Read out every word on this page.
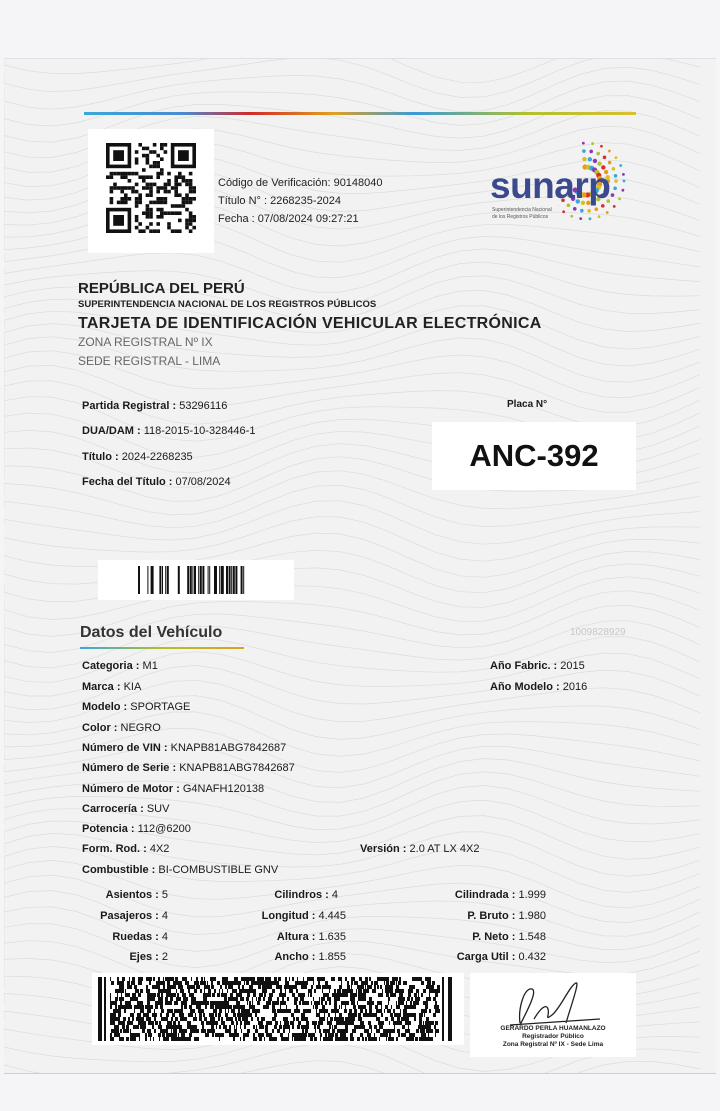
Código de Verificación: 90148040
Título N° : 2268235-2024
Fecha : 07/08/2024 09:27:21
sunarp
Superintendencia Nacional
de los Registros Públicos
REPÚBLICA DEL PERÚ
SUPERINTENDENCIA NACIONAL DE LOS REGISTROS PÚBLICOS
TARJETA DE IDENTIFICACIÓN VEHICULAR ELECTRÓNICA
ZONA REGISTRAL Nº IX
SEDE REGISTRAL - LIMA
Partida Registral : 53296116
DUA/DAM : 118-2015-10-328446-1
Título : 2024-2268235
Fecha del Título : 07/08/2024
Placa N°
ANC-392
Datos del Vehículo	1009828929
Categoria : M1
Marca : KIA
Modelo : SPORTAGE
Color : NEGRO
Número de VIN : KNAPB81ABG7842687
Número de Serie : KNAPB81ABG7842687
Número de Motor : G4NAFH120138
Carrocería : SUV
Potencia : 112@6200
Form. Rod. : 4X2
Combustible : BI-COMBUSTIBLE GNV
Año Fabric. : 2015
Año Modelo : 2016
Versión : 2.0 AT LX 4X2
Asientos : 5
Pasajeros : 4
Ruedas : 4
Ejes : 2
Cilindros : 4
Longitud : 4.445
Altura : 1.635
Ancho : 1.855
Cilindrada : 1.999
P. Bruto : 1.980
P. Neto : 1.548
Carga Util : 0.432
GERARDO PERLA HUAMANLAZO
Registrador Público
Zona Registral Nº IX - Sede Lima
